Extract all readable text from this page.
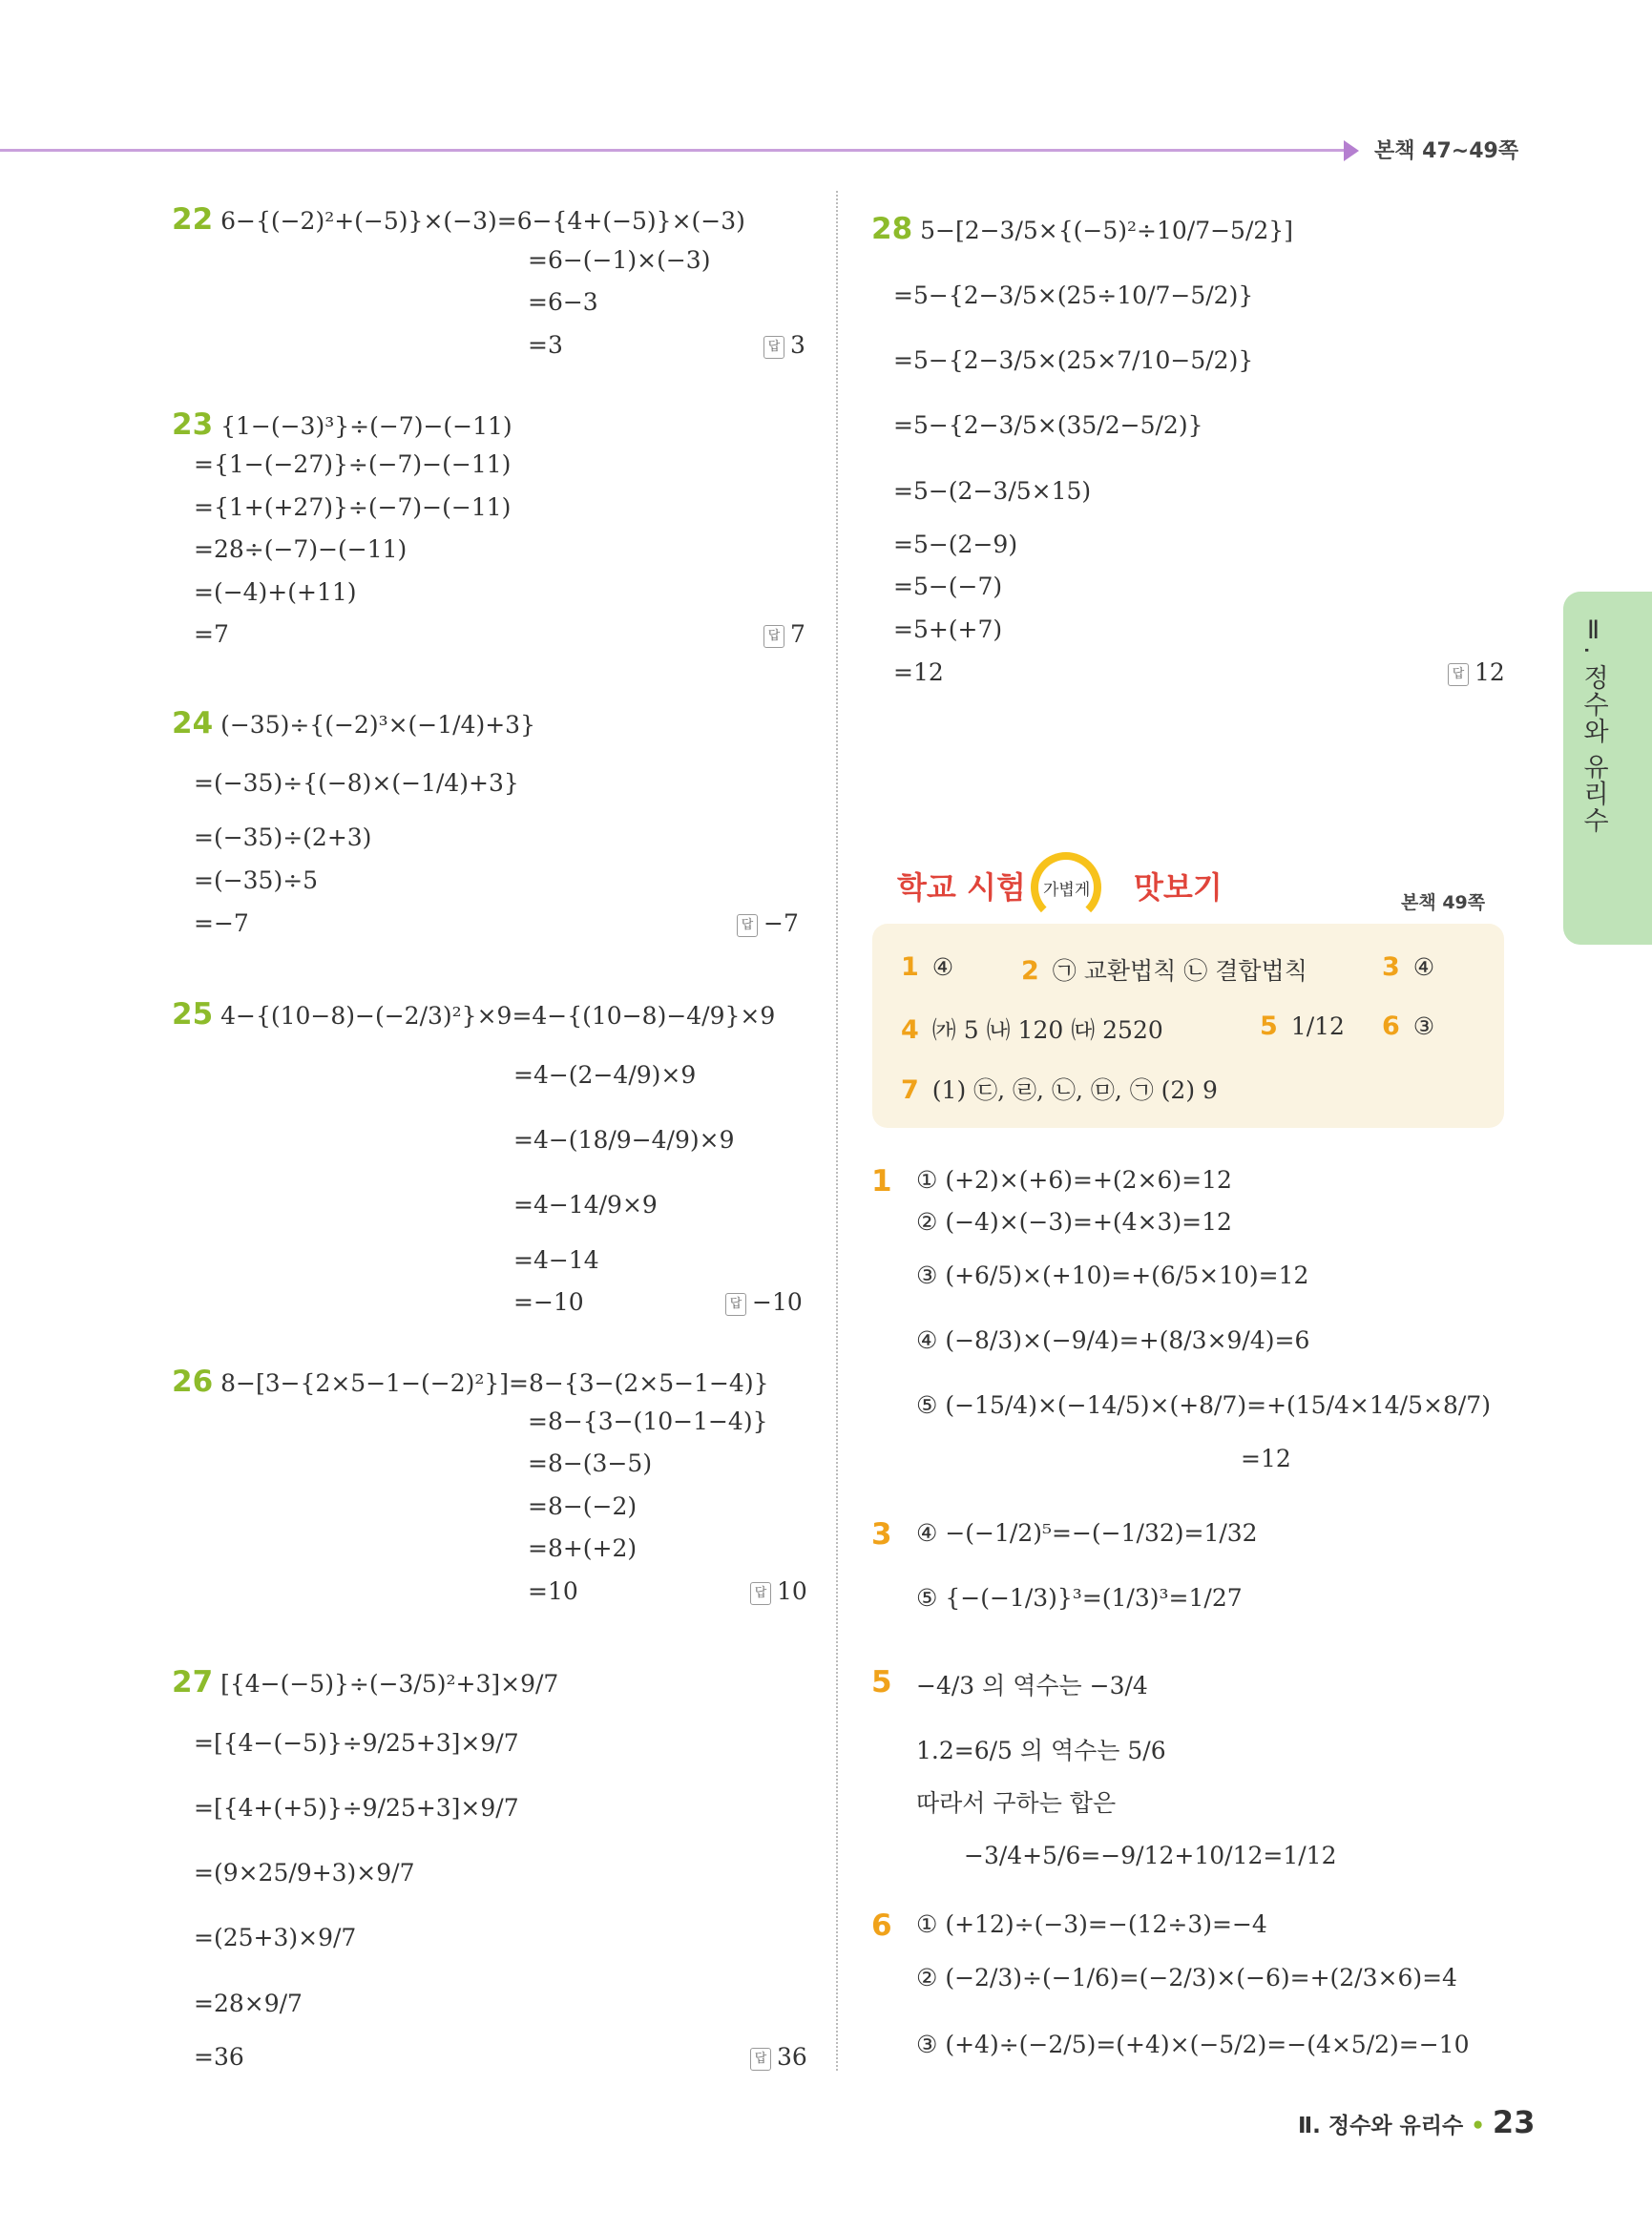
본책 47~49쪽
Ⅱ. 정수와 유리수
22 6−{(−2)²+(−5)}×(−3)=6−{4+(−5)}×(−3)
=6−(−1)×(−3)
=6−3
=3	답 3
23 {1−(−3)³}÷(−7)−(−11)
={1−(−27)}÷(−7)−(−11)
={1+(+27)}÷(−7)−(−11)
=28÷(−7)−(−11)
=(−4)+(+11)
=7	답 7
24 (−35)÷{(−2)³×(−1/4)+3}
=(−35)÷{(−8)×(−1/4)+3}
=(−35)÷(2+3)
=(−35)÷5
=−7	답 −7
25 4−{(10−8)−(−2/3)²}×9=4−{(10−8)−4/9}×9
=4−(2−4/9)×9
=4−(18/9−4/9)×9
=4−14/9×9
=4−14
=−10	답 −10
26 8−[3−{2×5−1−(−2)²}]=8−{3−(2×5−1−4)}
=8−{3−(10−1−4)}
=8−(3−5)
=8−(−2)
=8+(+2)
=10	답 10
27 [{4−(−5)}÷(−3/5)²+3]×9/7
=[{4−(−5)}÷9/25+3]×9/7
=[{4+(+5)}÷9/25+3]×9/7
=(9×25/9+3)×9/7
=(25+3)×9/7
=28×9/7
=36	답 36
28 5−[2−3/5×{(−5)²÷10/7−5/2}]
=5−{2−3/5×(25÷10/7−5/2)}
=5−{2−3/5×(25×7/10−5/2)}
=5−{2−3/5×(35/2−5/2)}
=5−(2−3/5×15)
=5−(2−9)
=5−(−7)
=5+(+7)
=12	답 12
학교 시험 가볍게 맛보기	본책 49쪽
1 ④	2 ㉠ 교환법칙 ㉡ 결합법칙	3 ④
4 ㈎ 5 ㈏ 120 ㈐ 2520	5 1/12 6 ③
7 (1) ㉢, ㉣, ㉡, ㉤, ㉠ (2) 9
1 ① (+2)×(+6)=+(2×6)=12
② (−4)×(−3)=+(4×3)=12
③ (+6/5)×(+10)=+(6/5×10)=12
④ (−8/3)×(−9/4)=+(8/3×9/4)=6
⑤ (−15/4)×(−14/5)×(+8/7)=+(15/4×14/5×8/7)
=12
3 ④ −(−1/2)⁵=−(−1/32)=1/32
⑤ {−(−1/3)}³=(1/3)³=1/27
5 −4/3 의 역수는 −3/4
1.2=6/5 의 역수는 5/6
따라서 구하는 합은
−3/4+5/6=−9/12+10/12=1/12
6 ① (+12)÷(−3)=−(12÷3)=−4
② (−2/3)÷(−1/6)=(−2/3)×(−6)=+(2/3×6)=4
③ (+4)÷(−2/5)=(+4)×(−5/2)=−(4×5/2)=−10
Ⅱ. 정수와 유리수 • 23
